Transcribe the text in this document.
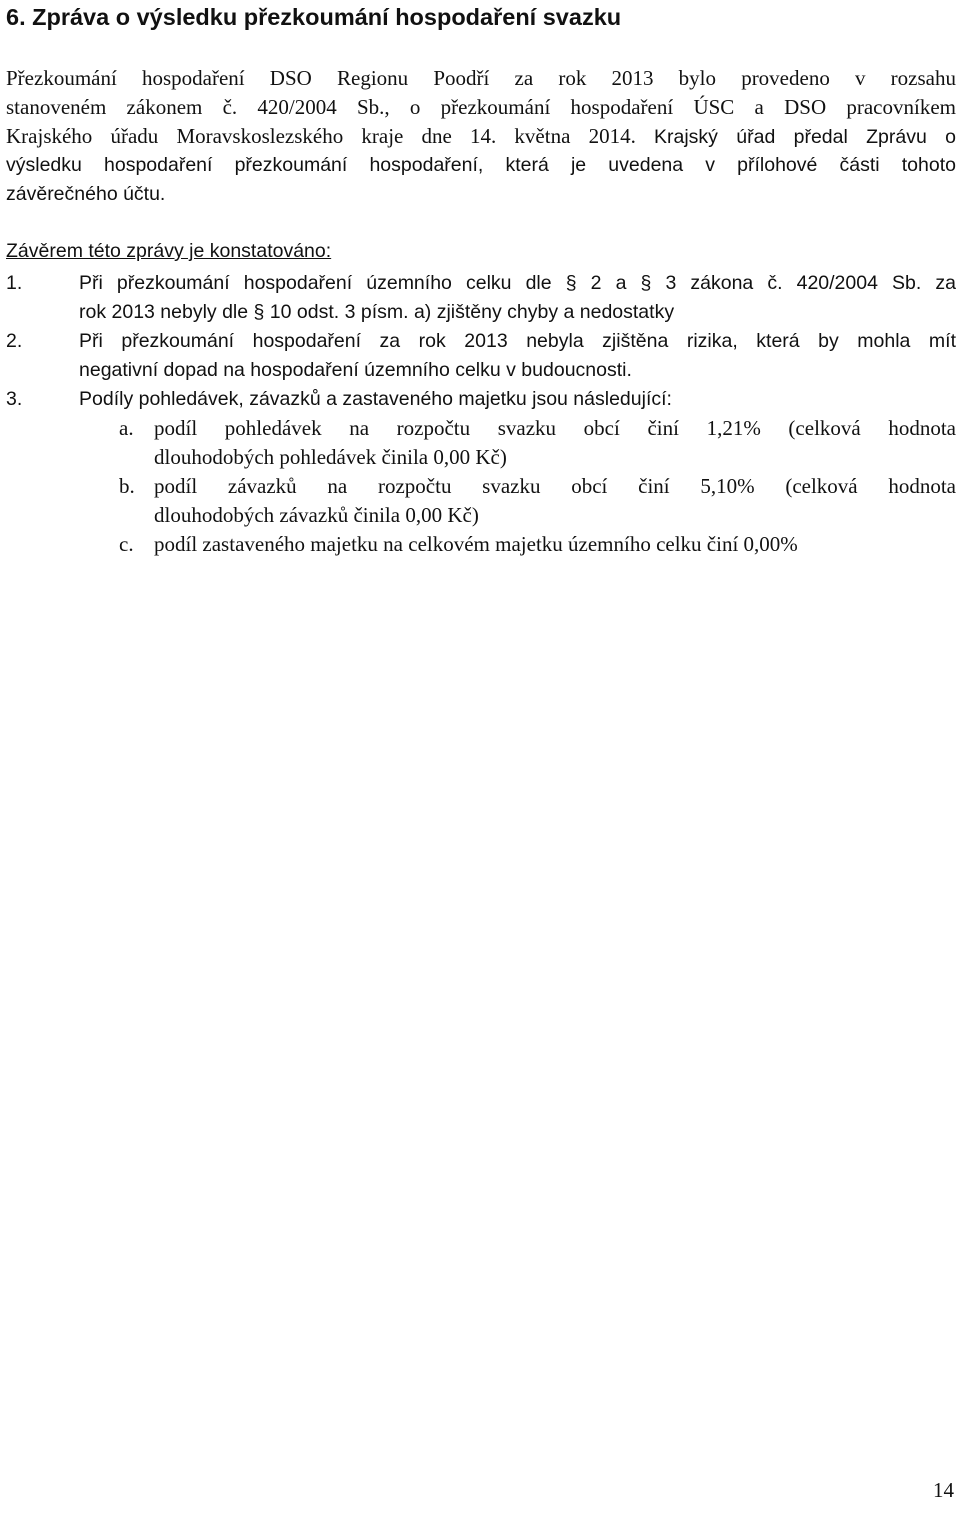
6. Zpráva o výsledku přezkoumání hospodaření svazku
Přezkoumání hospodaření DSO Regionu Poodří za rok 2013 bylo provedeno v rozsahu
stanoveném zákonem č. 420/2004 Sb., o přezkoumání hospodaření ÚSC a DSO pracovníkem
Krajského úřadu Moravskoslezského kraje dne 14. května 2014. Krajský úřad předal Zprávu o
výsledku hospodaření přezkoumání hospodaření, která je uvedena v přílohové části tohoto
závěrečného účtu.
Závěrem této zprávy je konstatováno:
1.	Při přezkoumání hospodaření územního celku dle § 2 a § 3 zákona č. 420/2004 Sb. za
rok 2013 nebyly dle § 10 odst. 3 písm. a) zjištěny chyby a nedostatky
2.	Při přezkoumání hospodaření za rok 2013 nebyla zjištěna rizika, která by mohla mít
negativní dopad na hospodaření územního celku v budoucnosti.
3.	Podíly pohledávek, závazků a zastaveného majetku jsou následující:
a. podíl pohledávek na rozpočtu svazku obcí činí 1,21% (celková hodnota
dlouhodobých pohledávek činila 0,00 Kč)
b. podíl závazků na rozpočtu svazku obcí činí 5,10% (celková hodnota
dlouhodobých závazků činila 0,00 Kč)
c. podíl zastaveného majetku na celkovém majetku územního celku činí 0,00%
14
